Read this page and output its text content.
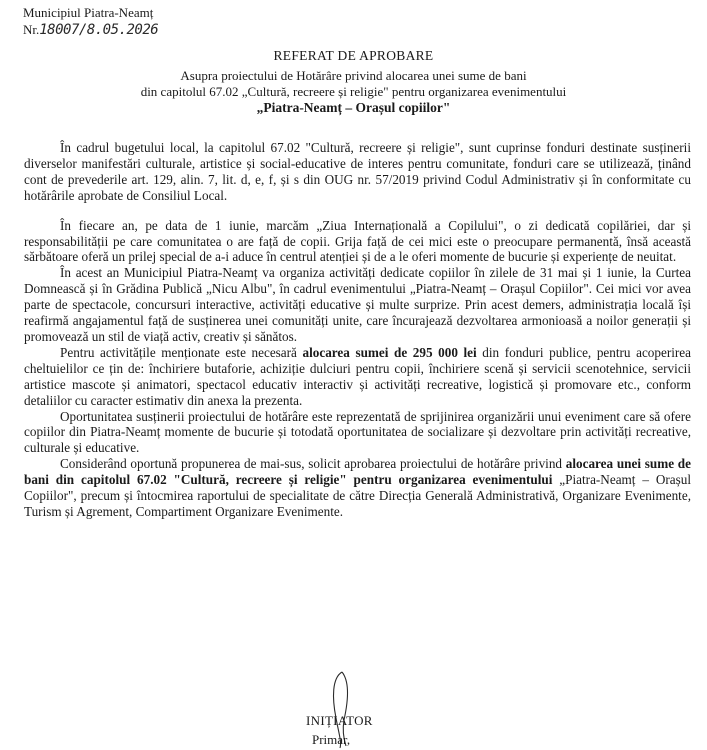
Municipiul Piatra-Neamț
Nr.18007/8.05.2026
REFERAT DE APROBARE
Asupra proiectului de Hotărâre privind alocarea unei sume de bani
din capitolul 67.02 „Cultură, recreere și religie" pentru organizarea evenimentului
„Piatra-Neamț – Orașul copiilor"

În cadrul bugetului local, la capitolul 67.02 "Cultură, recreere și religie", sunt cuprinse fonduri destinate susținerii diverselor manifestări culturale, artistice și social-educative de interes pentru comunitate, fonduri care se utilizează, ținând cont de prevederile art. 129, alin. 7, lit. d, e, f, și s din OUG nr. 57/2019 privind Codul Administrativ și în conformitate cu hotărârile aprobate de Consiliul Local.

În fiecare an, pe data de 1 iunie, marcăm „Ziua Internațională a Copilului", o zi dedicată copilăriei, dar și responsabilității pe care comunitatea o are față de copii. Grija față de cei mici este o preocupare permanentă, însă această sărbătoare oferă un prilej special de a-i aduce în centrul atenției și de a le oferi momente de bucurie și experiențe de neuitat.

În acest an Municipiul Piatra-Neamț va organiza activități dedicate copiilor în zilele de 31 mai și 1 iunie, la Curtea Domnească și în Grădina Publică „Nicu Albu", în cadrul evenimentului „Piatra-Neamț – Orașul Copiilor". Cei mici vor avea parte de spectacole, concursuri interactive, activități educative și multe surprize. Prin acest demers, administrația locală își reafirmă angajamentul față de susținerea unei comunități unite, care încurajează dezvoltarea armonioasă a noilor generații și promovează un stil de viață activ, creativ și sănătos.

Pentru activitățile menționate este necesară alocarea sumei de 295 000 lei din fonduri publice, pentru acoperirea cheltuielilor ce țin de: închiriere butaforie, achiziție dulciuri pentru copii, închiriere scenă și servicii scenotehnice, servicii artistice mascote și animatori, spectacol educativ interactiv și activități recreative, logistică și promovare etc., conform detaliilor cu caracter estimativ din anexa la prezenta.

Oportunitatea susținerii proiectului de hotărâre este reprezentată de sprijinirea organizării unui eveniment care să ofere copiilor din Piatra-Neamț momente de bucurie și totodată oportunitatea de socializare și dezvoltare prin activități recreative, culturale și educative.

Considerând oportună propunerea de mai-sus, solicit aprobarea proiectului de hotărâre privind alocarea unei sume de bani din capitolul 67.02 "Cultură, recreere și religie" pentru organizarea evenimentului „Piatra-Neamț – Orașul Copiilor", precum și întocmirea raportului de specialitate de către Direcția Generală Administrativă, Organizare Evenimente, Turism și Agrement, Compartiment Organizare Evenimente.

INIȚIATOR
Primar,
